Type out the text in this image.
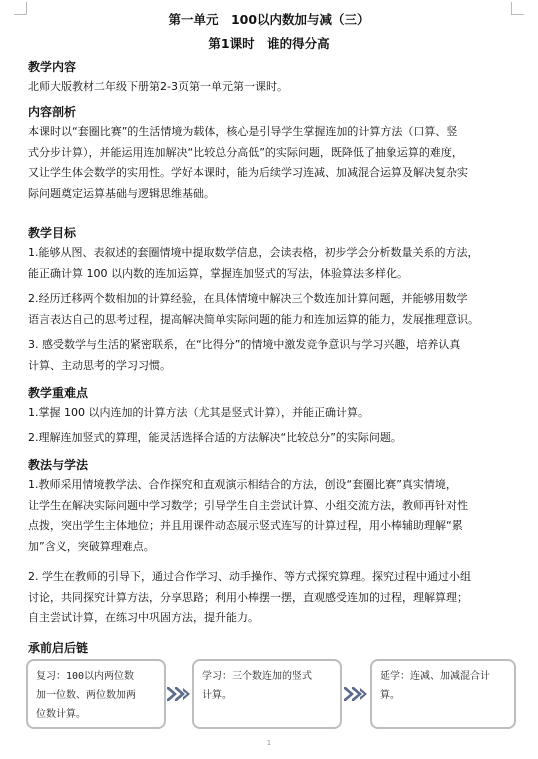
第一单元　100以内数加与减（三）
第1课时　谁的得分高
教学内容
北师大版教材二年级下册第2-3页第一单元第一课时。
内容剖析
本课时以“套圈比赛”的生活情境为载体，核心是引导学生掌握连加的计算方法（口算、竖
式分步计算），并能运用连加解决“比较总分高低”的实际问题，既降低了抽象运算的难度，
又让学生体会数学的实用性。学好本课时，能为后续学习连减、加减混合运算及解决复杂实
际问题奠定运算基础与逻辑思维基础。
教学目标
1.能够从图、表叙述的套圈情境中提取数学信息，会读表格，初步学会分析数量关系的方法，
能正确计算 100 以内数的连加运算，掌握连加竖式的写法，体验算法多样化。
2.经历迁移两个数相加的计算经验，在具体情境中解决三个数连加计算问题，并能够用数学
语言表达自己的思考过程，提高解决简单实际问题的能力和连加运算的能力，发展推理意识。
3. 感受数学与生活的紧密联系，在“比得分”的情境中激发竞争意识与学习兴趣，培养认真
计算、主动思考的学习习惯。
教学重难点
1.掌握 100 以内连加的计算方法（尤其是竖式计算），并能正确计算。
2.理解连加竖式的算理，能灵活选择合适的方法解决“比较总分”的实际问题。
教法与学法
1.教师采用情境教学法、合作探究和直观演示相结合的方法，创设“套圈比赛”真实情境，
让学生在解决实际问题中学习数学；引导学生自主尝试计算、小组交流方法，教师再针对性
点拨，突出学生主体地位；并且用课件动态展示竖式连写的计算过程，用小棒辅助理解“累
加”含义，突破算理难点。
2. 学生在教师的引导下，通过合作学习、动手操作、等方式探究算理。探究过程中通过小组
讨论，共同探究计算方法，分享思路；利用小棒摆一摆，直观感受连加的过程，理解算理；
自主尝试计算，在练习中巩固方法，提升能力。
承前启后链
复习：100以内两位数
加一位数、两位数加两
位数计算。
学习：三个数连加的竖式
计算。
延学：连减、加减混合计
算。
1
